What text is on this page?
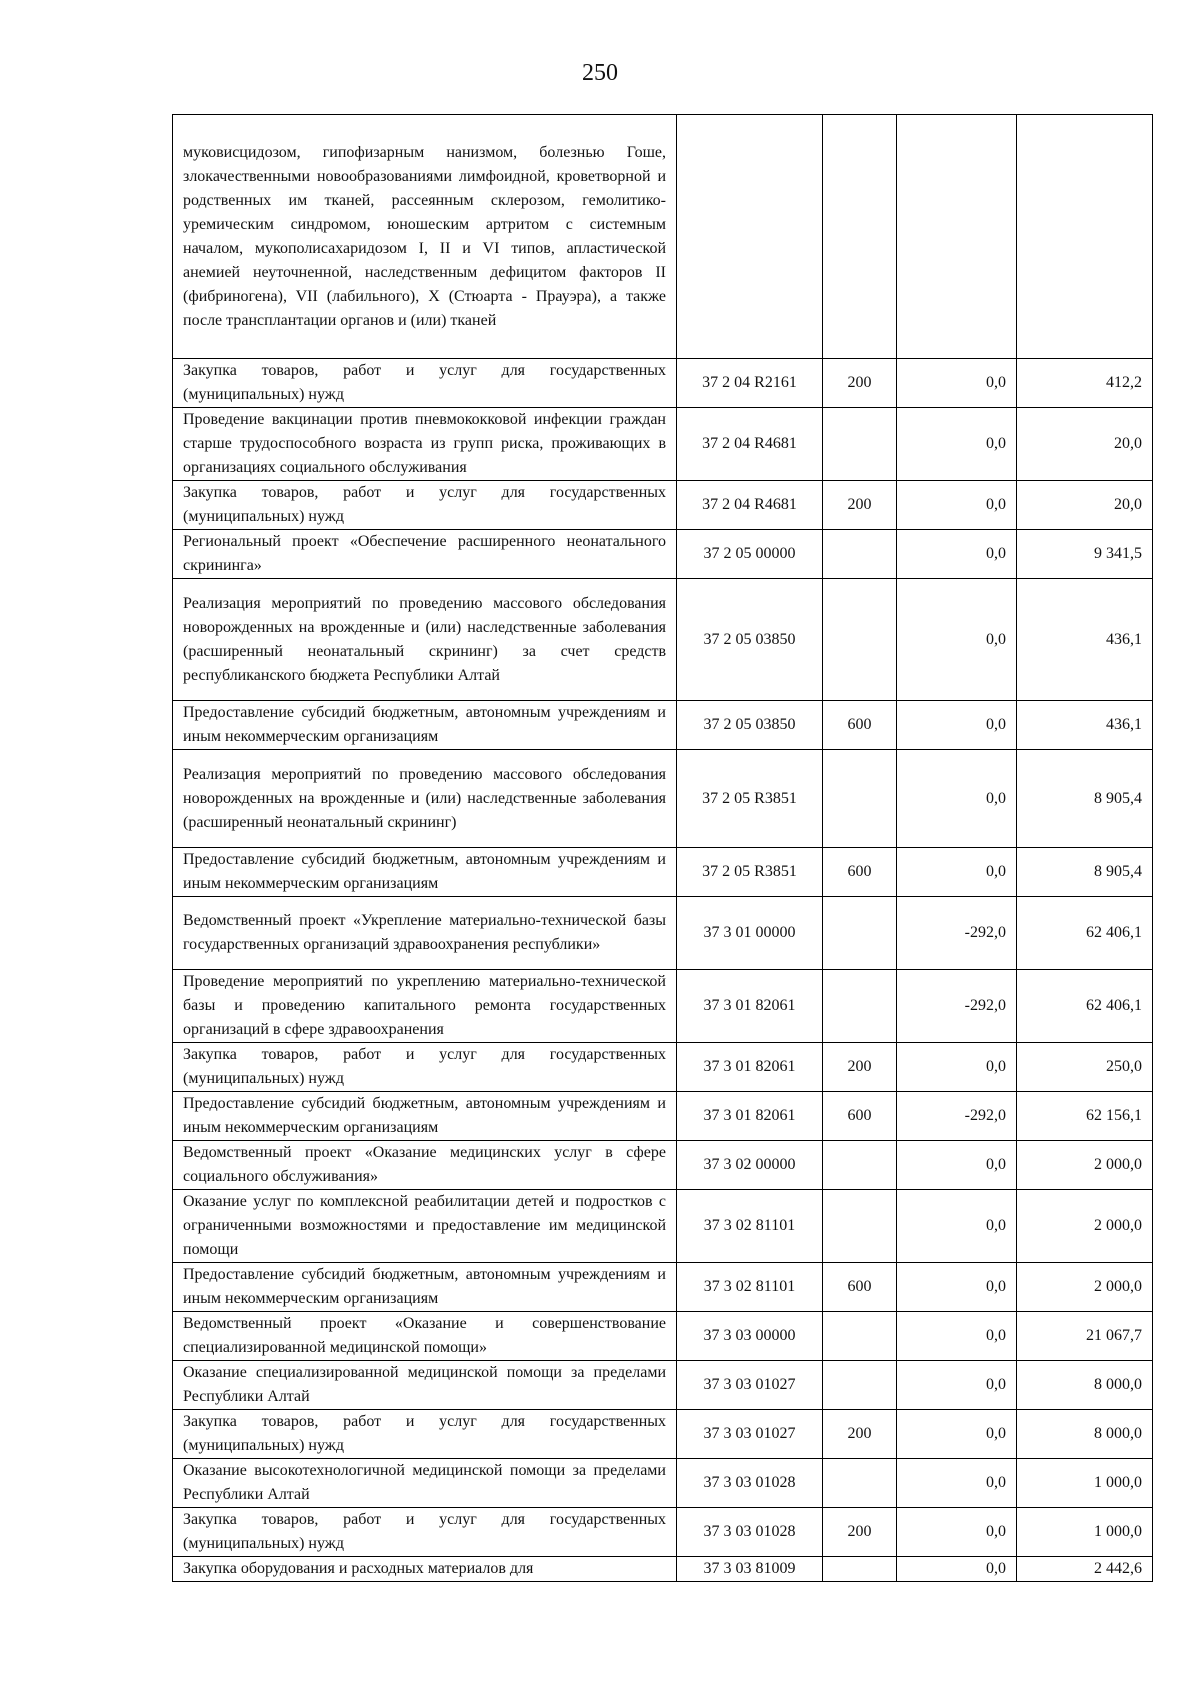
250
муковисцидозом, гипофизарным нанизмом, болезнью Гоше, злокачественными новообразованиями лимфоидной, кроветворной и родственных им тканей, рассеянным склерозом, гемолитико-уремическим синдромом, юношеским артритом с системным началом, мукополисахаридозом I, II и VI типов, апластической анемией неуточненной, наследственным дефицитом факторов II (фибриногена), VII (лабильного), X (Стюарта - Прауэра), а также после трансплантации органов и (или) тканей				
Закупка товаров, работ и услуг для государственных (муниципальных) нужд	37 2 04 R2161	200	0,0	412,2
Проведение вакцинации против пневмококковой инфекции граждан старше трудоспособного возраста из групп риска, проживающих в организациях социального обслуживания	37 2 04 R4681		0,0	20,0
Закупка товаров, работ и услуг для государственных (муниципальных) нужд	37 2 04 R4681	200	0,0	20,0
Региональный проект «Обеспечение расширенного неонатального скрининга»	37 2 05 00000		0,0	9 341,5
Реализация мероприятий по проведению массового обследования новорожденных на врожденные и (или) наследственные заболевания (расширенный неонатальный скрининг) за счет средств республиканского бюджета Республики Алтай	37 2 05 03850		0,0	436,1
Предоставление субсидий бюджетным, автономным учреждениям и иным некоммерческим организациям	37 2 05 03850	600	0,0	436,1
Реализация мероприятий по проведению массового обследования новорожденных на врожденные и (или) наследственные заболевания (расширенный неонатальный скрининг)	37 2 05 R3851		0,0	8 905,4
Предоставление субсидий бюджетным, автономным учреждениям и иным некоммерческим организациям	37 2 05 R3851	600	0,0	8 905,4
Ведомственный проект «Укрепление материально-технической базы государственных организаций здравоохранения республики»	37 3 01 00000		-292,0	62 406,1
Проведение мероприятий по укреплению материально-технической базы и проведению капитального ремонта государственных организаций в сфере здравоохранения	37 3 01 82061		-292,0	62 406,1
Закупка товаров, работ и услуг для государственных (муниципальных) нужд	37 3 01 82061	200	0,0	250,0
Предоставление субсидий бюджетным, автономным учреждениям и иным некоммерческим организациям	37 3 01 82061	600	-292,0	62 156,1
Ведомственный проект «Оказание медицинских услуг в сфере социального обслуживания»	37 3 02 00000		0,0	2 000,0
Оказание услуг по комплексной реабилитации детей и подростков с ограниченными возможностями и предоставление им медицинской помощи	37 3 02 81101		0,0	2 000,0
Предоставление субсидий бюджетным, автономным учреждениям и иным некоммерческим организациям	37 3 02 81101	600	0,0	2 000,0
Ведомственный проект «Оказание и совершенствование специализированной медицинской помощи»	37 3 03 00000		0,0	21 067,7
Оказание специализированной медицинской помощи за пределами Республики Алтай	37 3 03 01027		0,0	8 000,0
Закупка товаров, работ и услуг для государственных (муниципальных) нужд	37 3 03 01027	200	0,0	8 000,0
Оказание высокотехнологичной медицинской помощи за пределами Республики Алтай	37 3 03 01028		0,0	1 000,0
Закупка товаров, работ и услуг для государственных (муниципальных) нужд	37 3 03 01028	200	0,0	1 000,0
Закупка оборудования и расходных материалов для	37 3 03 81009		0,0	2 442,6
